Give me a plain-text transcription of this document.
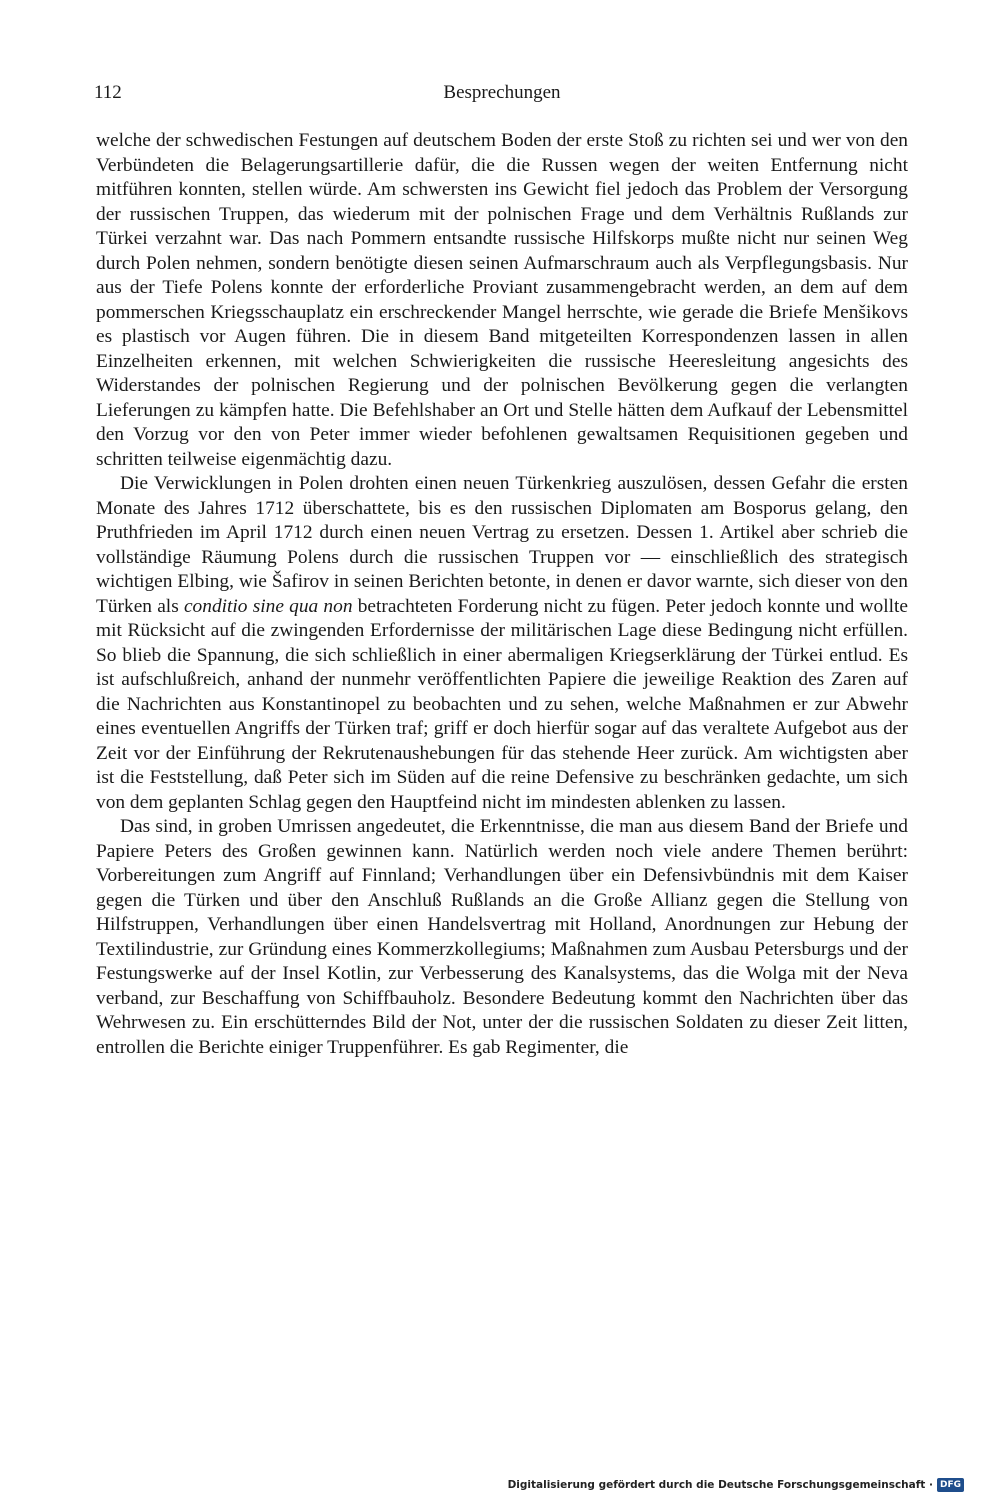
112	Besprechungen

welche der schwedischen Festungen auf deutschem Boden der erste Stoß zu richten sei und wer von den Verbündeten die Belagerungsartillerie dafür, die die Russen wegen der weiten Entfernung nicht mitführen konnten, stellen würde. Am schwersten ins Gewicht fiel jedoch das Problem der Versorgung der russischen Truppen, das wiederum mit der polnischen Frage und dem Verhältnis Rußlands zur Türkei verzahnt war. Das nach Pommern entsandte russische Hilfskorps mußte nicht nur seinen Weg durch Polen nehmen, sondern benötigte diesen seinen Aufmarschraum auch als Verpflegungsbasis. Nur aus der Tiefe Polens konnte der erforderliche Proviant zusammengebracht werden, an dem auf dem pommerschen Kriegsschauplatz ein erschreckender Mangel herrschte, wie gerade die Briefe Menšikovs es plastisch vor Augen führen. Die in diesem Band mitgeteilten Korrespondenzen lassen in allen Einzelheiten erkennen, mit welchen Schwierigkeiten die russische Heeresleitung angesichts des Widerstandes der polnischen Regierung und der polnischen Bevölkerung gegen die verlangten Lieferungen zu kämpfen hatte. Die Befehlshaber an Ort und Stelle hätten dem Aufkauf der Lebensmittel den Vorzug vor den von Peter immer wieder befohlenen gewaltsamen Requisitionen gegeben und schritten teilweise eigenmächtig dazu.

Die Verwicklungen in Polen drohten einen neuen Türkenkrieg auszulösen, dessen Gefahr die ersten Monate des Jahres 1712 überschattete, bis es den russischen Diplomaten am Bosporus gelang, den Pruthfrieden im April 1712 durch einen neuen Vertrag zu ersetzen. Dessen 1. Artikel aber schrieb die vollständige Räumung Polens durch die russischen Truppen vor — einschließlich des strategisch wichtigen Elbing, wie Šafirov in seinen Berichten betonte, in denen er davor warnte, sich dieser von den Türken als conditio sine qua non betrachteten Forderung nicht zu fügen. Peter jedoch konnte und wollte mit Rücksicht auf die zwingenden Erfordernisse der militärischen Lage diese Bedingung nicht erfüllen. So blieb die Spannung, die sich schließlich in einer abermaligen Kriegserklärung der Türkei entlud. Es ist aufschlußreich, anhand der nunmehr veröffentlichten Papiere die jeweilige Reaktion des Zaren auf die Nachrichten aus Konstantinopel zu beobachten und zu sehen, welche Maßnahmen er zur Abwehr eines eventuellen Angriffs der Türken traf; griff er doch hierfür sogar auf das veraltete Aufgebot aus der Zeit vor der Einführung der Rekrutenaushebungen für das stehende Heer zurück. Am wichtigsten aber ist die Feststellung, daß Peter sich im Süden auf die reine Defensive zu beschränken gedachte, um sich von dem geplanten Schlag gegen den Hauptfeind nicht im mindesten ablenken zu lassen.

Das sind, in groben Umrissen angedeutet, die Erkenntnisse, die man aus diesem Band der Briefe und Papiere Peters des Großen gewinnen kann. Natürlich werden noch viele andere Themen berührt: Vorbereitungen zum Angriff auf Finnland; Verhandlungen über ein Defensivbündnis mit dem Kaiser gegen die Türken und über den Anschluß Rußlands an die Große Allianz gegen die Stellung von Hilfstruppen, Verhandlungen über einen Handelsvertrag mit Holland, Anordnungen zur Hebung der Textilindustrie, zur Gründung eines Kommerzkollegiums; Maßnahmen zum Ausbau Petersburgs und der Festungswerke auf der Insel Kotlin, zur Verbesserung des Kanalsystems, das die Wolga mit der Neva verband, zur Beschaffung von Schiffbauholz. Besondere Bedeutung kommt den Nachrichten über das Wehrwesen zu. Ein erschütterndes Bild der Not, unter der die russischen Soldaten zu dieser Zeit litten, entrollen die Berichte einiger Truppenführer. Es gab Regimenter, die

Digitalisierung gefördert durch die Deutsche Forschungsgemeinschaft · DFG
